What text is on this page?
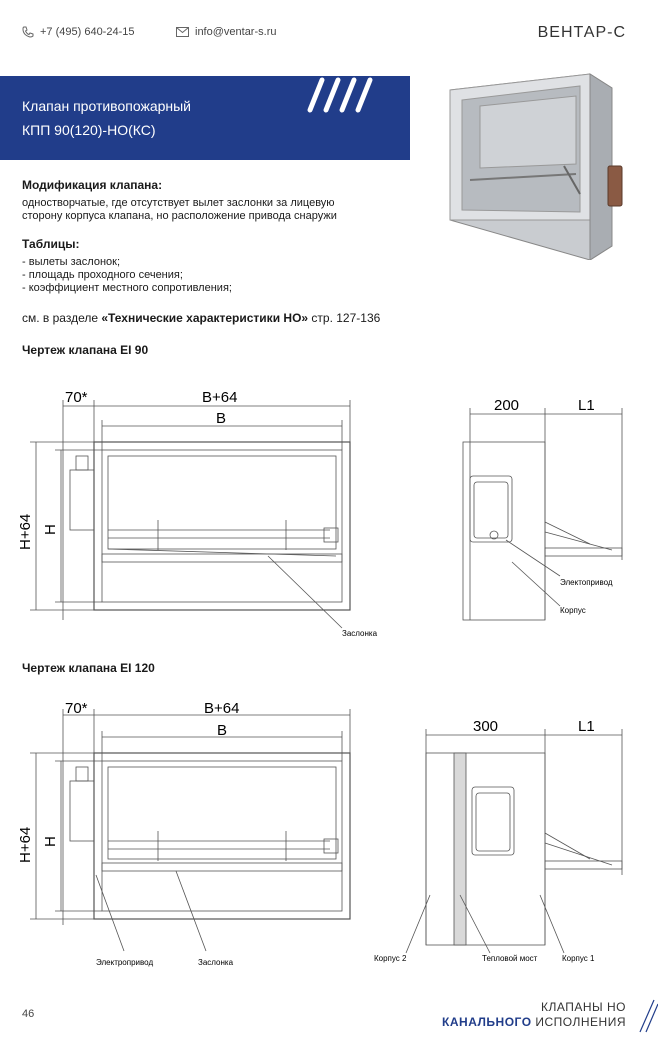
+7 (495) 640-24-15	info@ventar-s.ru	ВЕНТАР-С
Клапан противопожарный
КПП 90(120)-НО(КС)
Модификация клапана:
одностворчатые, где отсутствует вылет заслонки за лицевую
сторону корпуса клапана, но расположение привода снаружи
Таблицы:
- вылеты заслонок;
- площадь проходного сечения;
- коэффициент местного сопротивления;
см. в разделе «Технические характеристики НО» стр. 127-136
Чертеж клапана EI 90
70*	B+64
B
H+64 H
200	L1
Заслонка
Электопривод
Корпус
Чертеж клапана EI 120
70*	B+64
B
H+64 H
300	L1
Электропривод	Заслонка	Корпус 2	Тепловой мост	Корпус 1
46	КЛАПАНЫ НО
КАНАЛЬНОГО ИСПОЛНЕНИЯ
